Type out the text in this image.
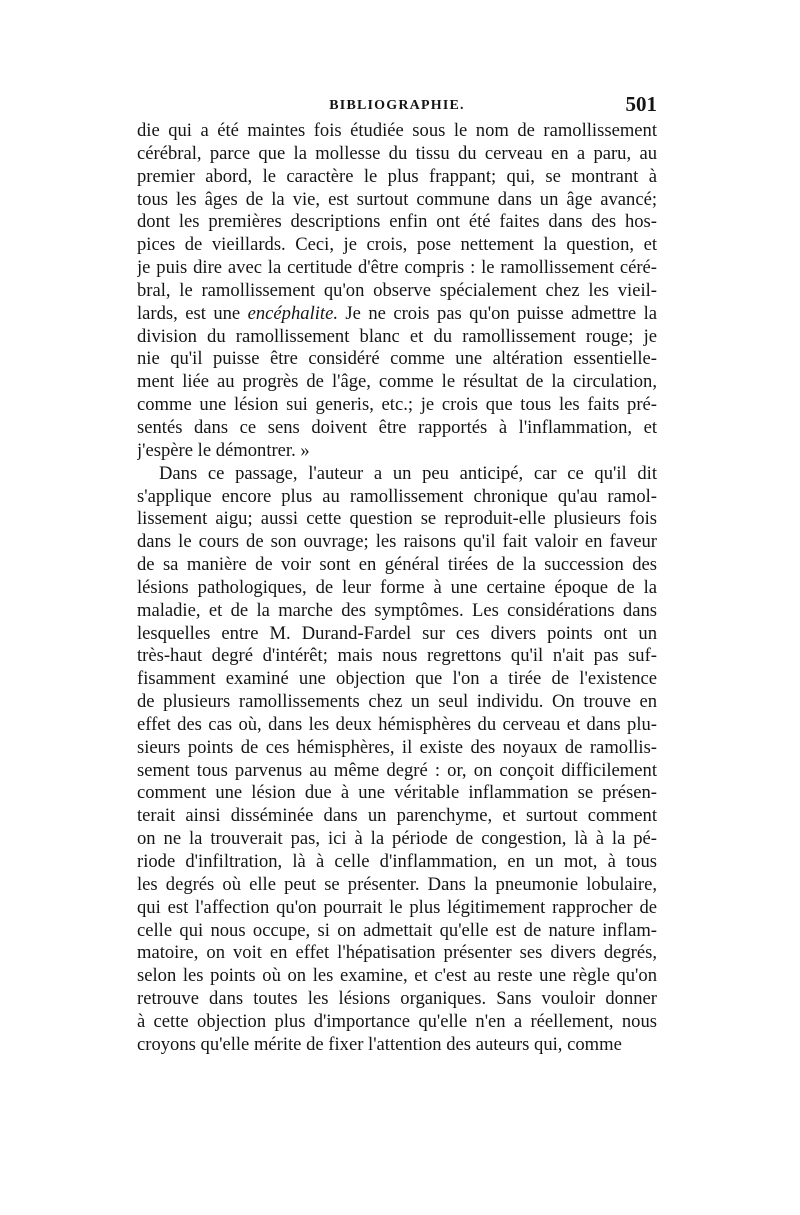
BIBLIOGRAPHIE.	501
die qui a été maintes fois étudiée sous le nom de ramollissement
cérébral, parce que la mollesse du tissu du cerveau en a paru, au
premier abord, le caractère le plus frappant; qui, se montrant à
tous les âges de la vie, est surtout commune dans un âge avancé;
dont les premières descriptions enfin ont été faites dans des hos-
pices de vieillards. Ceci, je crois, pose nettement la question, et
je puis dire avec la certitude d'être compris : le ramollissement céré-
bral, le ramollissement qu'on observe spécialement chez les vieil-
lards, est une encéphalite. Je ne crois pas qu'on puisse admettre la
division du ramollissement blanc et du ramollissement rouge; je
nie qu'il puisse être considéré comme une altération essentielle-
ment liée au progrès de l'âge, comme le résultat de la circulation,
comme une lésion sui generis, etc.; je crois que tous les faits pré-
sentés dans ce sens doivent être rapportés à l'inflammation, et
j'espère le démontrer. »
Dans ce passage, l'auteur a un peu anticipé, car ce qu'il dit
s'applique encore plus au ramollissement chronique qu'au ramol-
lissement aigu; aussi cette question se reproduit-elle plusieurs fois
dans le cours de son ouvrage; les raisons qu'il fait valoir en faveur
de sa manière de voir sont en général tirées de la succession des
lésions pathologiques, de leur forme à une certaine époque de la
maladie, et de la marche des symptômes. Les considérations dans
lesquelles entre M. Durand-Fardel sur ces divers points ont un
très-haut degré d'intérêt; mais nous regrettons qu'il n'ait pas suf-
fisamment examiné une objection que l'on a tirée de l'existence
de plusieurs ramollissements chez un seul individu. On trouve en
effet des cas où, dans les deux hémisphères du cerveau et dans plu-
sieurs points de ces hémisphères, il existe des noyaux de ramollis-
sement tous parvenus au même degré : or, on conçoit difficilement
comment une lésion due à une véritable inflammation se présen-
terait ainsi disséminée dans un parenchyme, et surtout comment
on ne la trouverait pas, ici à la période de congestion, là à la pé-
riode d'infiltration, là à celle d'inflammation, en un mot, à tous
les degrés où elle peut se présenter. Dans la pneumonie lobulaire,
qui est l'affection qu'on pourrait le plus légitimement rapprocher de
celle qui nous occupe, si on admettait qu'elle est de nature inflam-
matoire, on voit en effet l'hépatisation présenter ses divers degrés,
selon les points où on les examine, et c'est au reste une règle qu'on
retrouve dans toutes les lésions organiques. Sans vouloir donner
à cette objection plus d'importance qu'elle n'en a réellement, nous
croyons qu'elle mérite de fixer l'attention des auteurs qui, comme
